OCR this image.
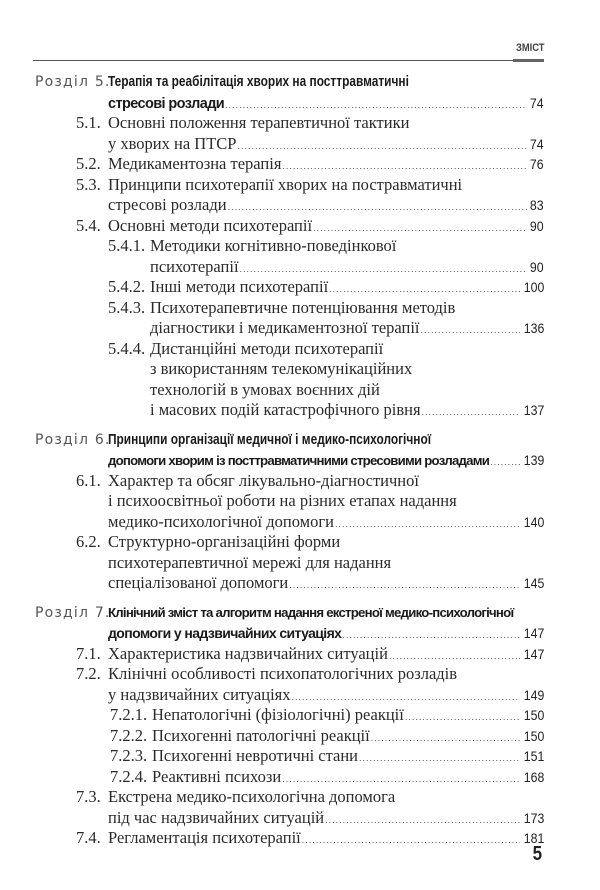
ЗМІСТ
Розділ 5.
Терапія та реабілітація хворих на посттравматичні
стресові розлади .....	74
5.1. Основні положення терапевтичної тактики
у хворих на ПТСР .....	74
5.2. Медикаментозна терапія .....	76
5.3. Принципи психотерапії хворих на постравматичні
стресові розлади .....	83
5.4. Основні методи психотерапії .....	90
5.4.1. Методики когнітивно-поведінкової
психотерапії .....	90
5.4.2. Інші методи психотерапії .....	100
5.4.3. Психотерапевтичне потенціювання методів
діагностики і медикаментозної терапії .....	136
5.4.4. Дистанційні методи психотерапії
з використанням телекомунікаційних
технологій в умовах воєнних дій
і масових подій катастрофічного рівня .....	137
Розділ 6.
Принципи організації медичної і медико-психологічної
допомоги хворим із посттравматичними стресовими розладами ..... 139
6.1. Характер та обсяг лікувально-діагностичної
і психоосвітньої роботи на різних етапах надання
медико-психологічної допомоги .....	140
6.2. Структурно-організаційні форми
психотерапевтичної мережі для надання
спеціалізованої допомоги .....	145
Розділ 7.
Клінічний зміст та алгоритм надання екстреної медико-психологічної
допомоги у надзвичайних ситуаціях .....	147
7.1. Характеристика надзвичайних ситуацій .....	147
7.2. Клінічні особливості психопатологічних розладів
у надзвичайних ситуаціях .....	149
7.2.1. Непатологічні (фізіологічні) реакції .....	150
7.2.2. Психогенні патологічні реакції .....	150
7.2.3. Психогенні невротичні стани .....	151
7.2.4. Реактивні психози .....	168
7.3. Екстрена медико-психологічна допомога
під час надзвичайних ситуацій .....	173
7.4. Регламентація психотерапії .....	181
5
